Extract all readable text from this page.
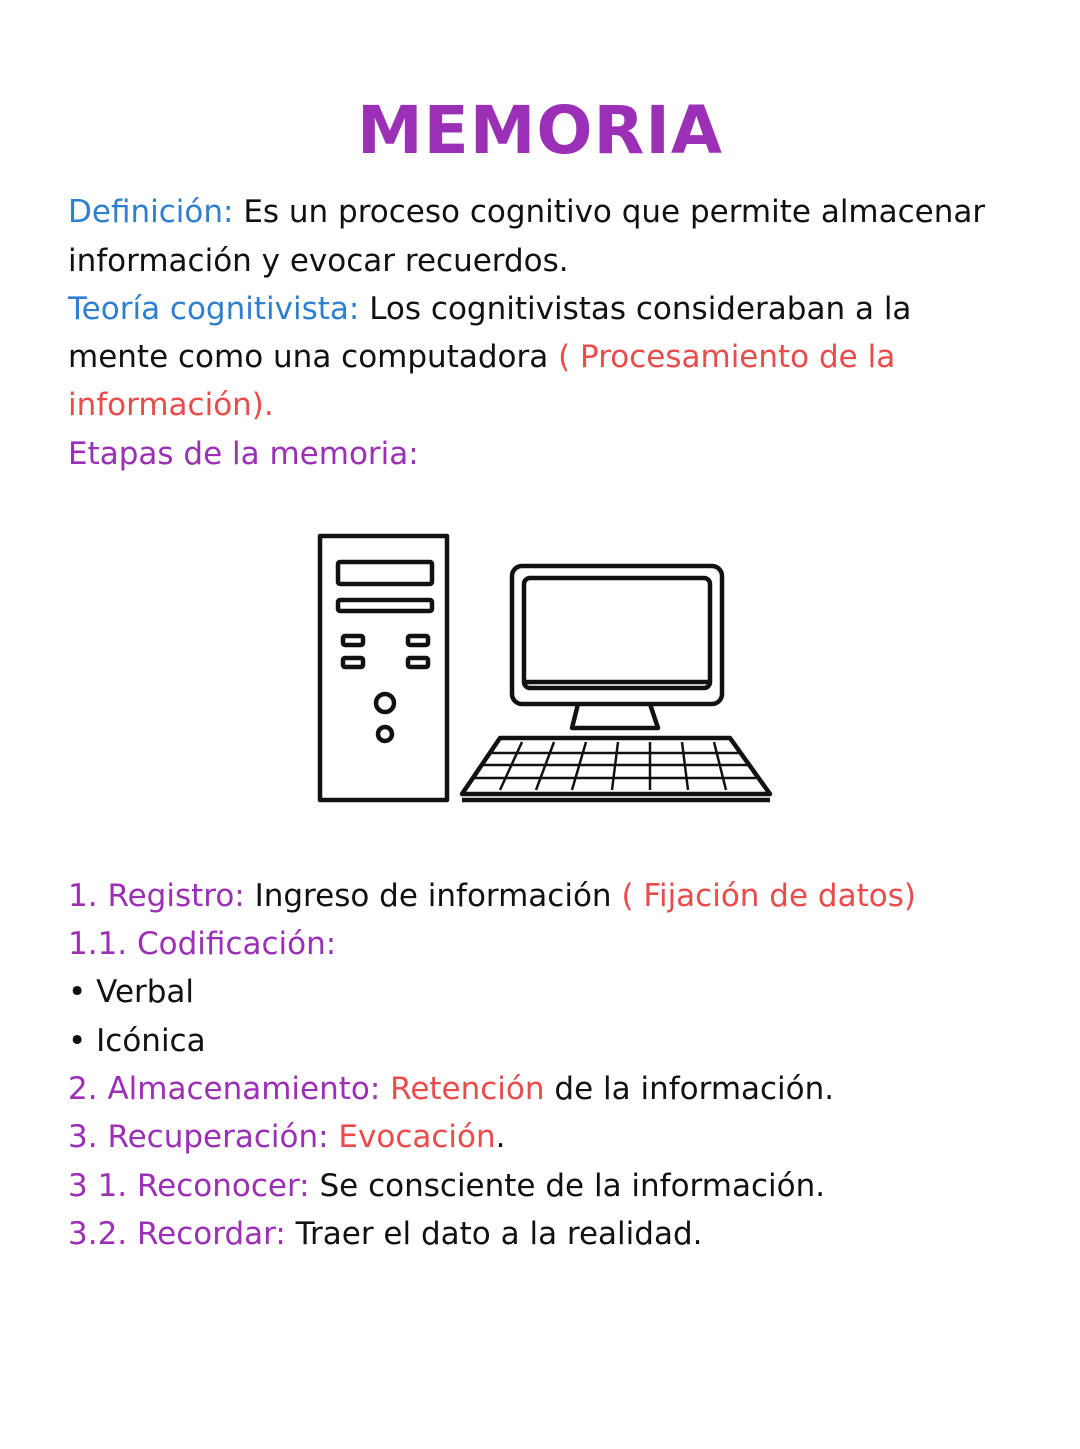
MEMORIA
Definición: Es un proceso cognitivo que permite almacenar
información y evocar recuerdos.
Teoría cognitivista: Los cognitivistas consideraban a la
mente como una computadora ( Procesamiento de la
información).
Etapas de la memoria:
1. Registro: Ingreso de información ( Fijación de datos)
1.1. Codificación:
• Verbal
• Icónica
2. Almacenamiento: Retención de la información.
3. Recuperación: Evocación.
3 1. Reconocer: Se consciente de la información.
3.2. Recordar: Traer el dato a la realidad.
